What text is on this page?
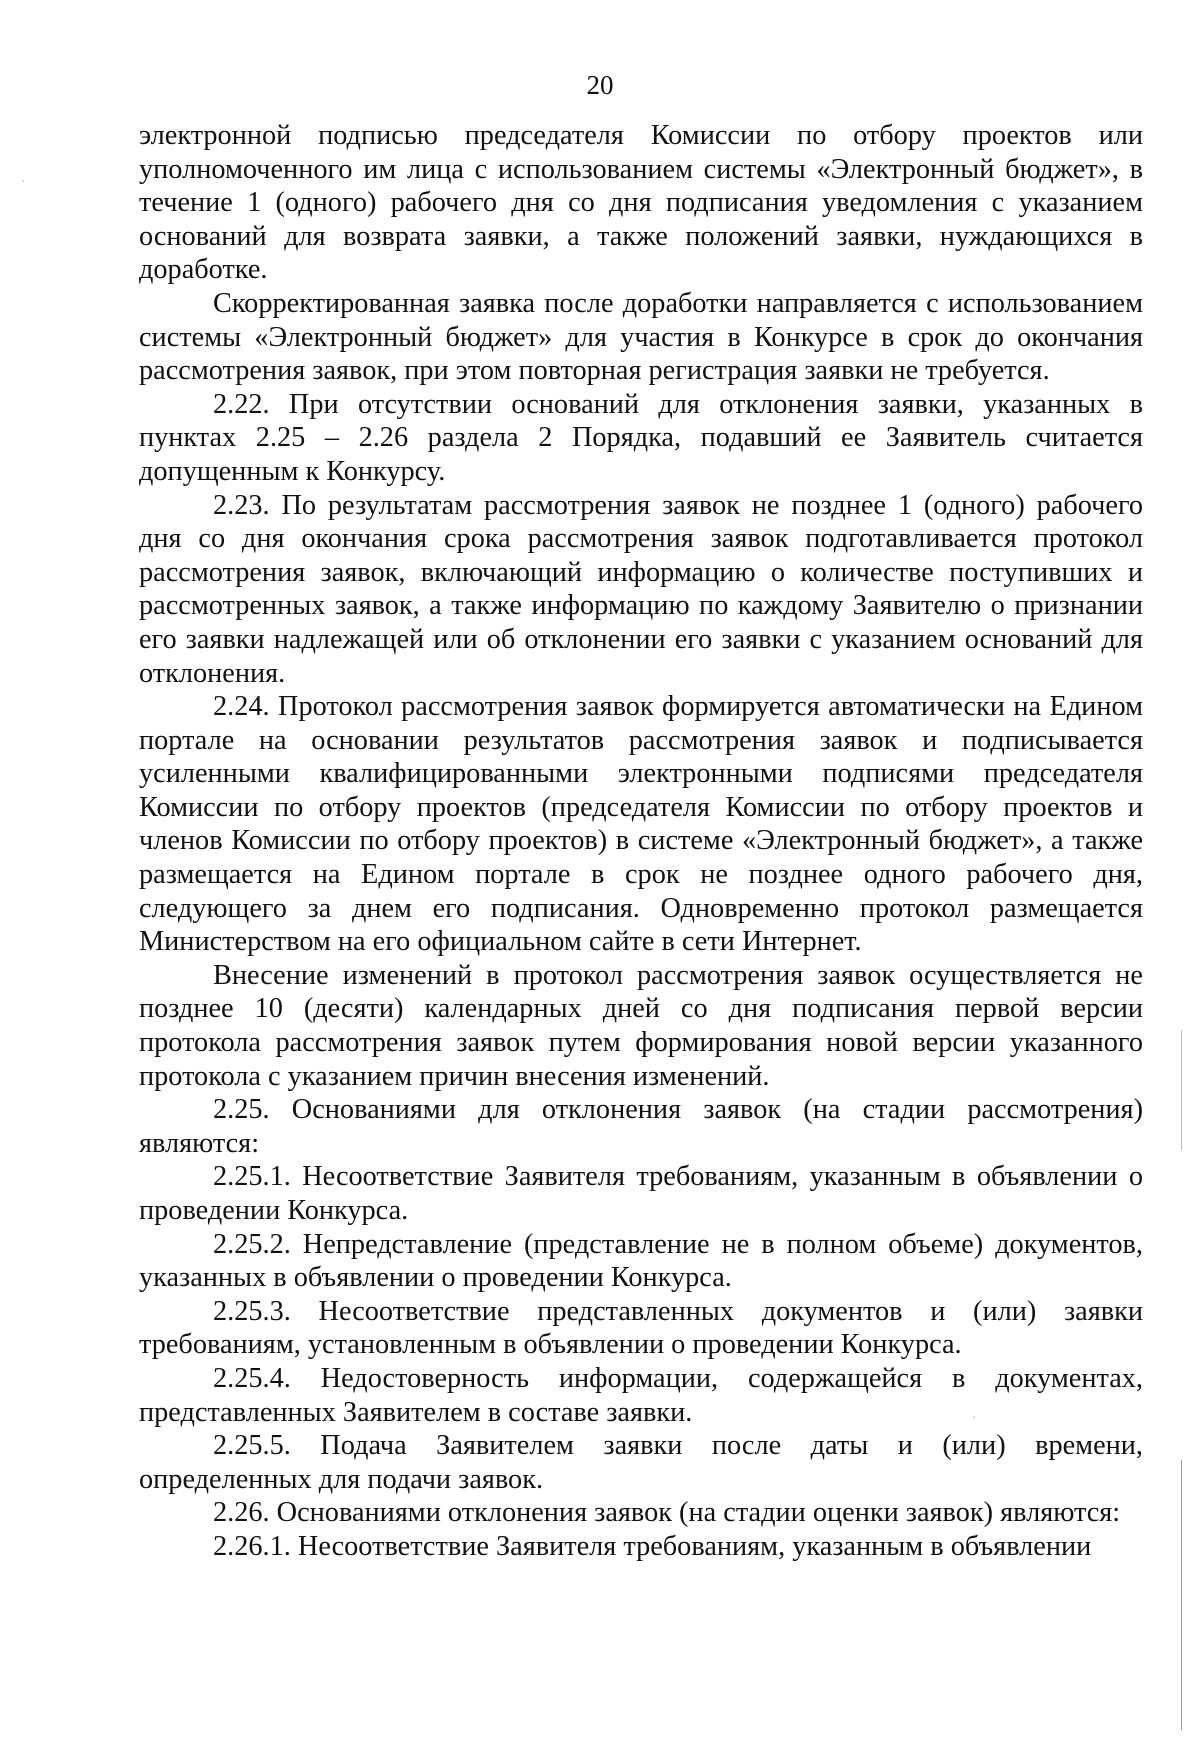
20

электронной подписью председателя Комиссии по отбору проектов или уполномоченного им лица с использованием системы «Электронный бюджет», в течение 1 (одного) рабочего дня со дня подписания уведомления с указанием оснований для возврата заявки, а также положений заявки, нуждающихся в доработке.

Скорректированная заявка после доработки направляется с использованием системы «Электронный бюджет» для участия в Конкурсе в срок до окончания рассмотрения заявок, при этом повторная регистрация заявки не требуется.

2.22. При отсутствии оснований для отклонения заявки, указанных в пунктах 2.25 – 2.26 раздела 2 Порядка, подавший ее Заявитель считается допущенным к Конкурсу.

2.23. По результатам рассмотрения заявок не позднее 1 (одного) рабочего дня со дня окончания срока рассмотрения заявок подготавливается протокол рассмотрения заявок, включающий информацию о количестве поступивших и рассмотренных заявок, а также информацию по каждому Заявителю о признании его заявки надлежащей или об отклонении его заявки с указанием оснований для отклонения.

2.24. Протокол рассмотрения заявок формируется автоматически на Едином портале на основании результатов рассмотрения заявок и подписывается усиленными квалифицированными электронными подписями председателя Комиссии по отбору проектов (председателя Комиссии по отбору проектов и членов Комиссии по отбору проектов) в системе «Электронный бюджет», а также размещается на Едином портале в срок не позднее одного рабочего дня, следующего за днем его подписания. Одновременно протокол размещается Министерством на его официальном сайте в сети Интернет.

Внесение изменений в протокол рассмотрения заявок осуществляется не позднее 10 (десяти) календарных дней со дня подписания первой версии протокола рассмотрения заявок путем формирования новой версии указанного протокола с указанием причин внесения изменений.

2.25. Основаниями для отклонения заявок (на стадии рассмотрения) являются:

2.25.1. Несоответствие Заявителя требованиям, указанным в объявлении о проведении Конкурса.

2.25.2. Непредставление (представление не в полном объеме) документов, указанных в объявлении о проведении Конкурса.

2.25.3. Несоответствие представленных документов и (или) заявки требованиям, установленным в объявлении о проведении Конкурса.

2.25.4. Недостоверность информации, содержащейся в документах, представленных Заявителем в составе заявки.

2.25.5. Подача Заявителем заявки после даты и (или) времени, определенных для подачи заявок.

2.26. Основаниями отклонения заявок (на стадии оценки заявок) являются:

2.26.1. Несоответствие Заявителя требованиям, указанным в объявлении
